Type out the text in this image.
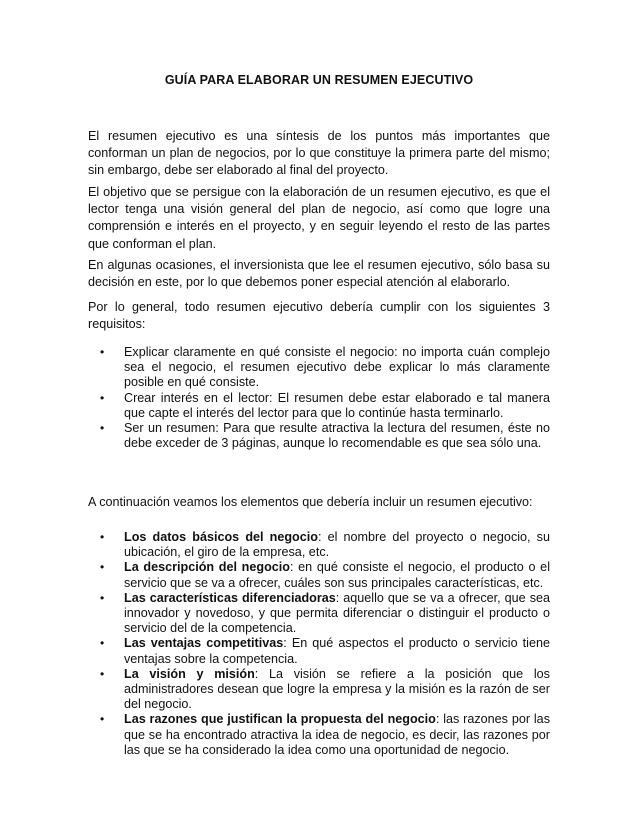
GUÍA PARA ELABORAR UN RESUMEN EJECUTIVO

El resumen ejecutivo es una síntesis de los puntos más importantes que conforman un plan de negocios, por lo que constituye la primera parte del mismo; sin embargo, debe ser elaborado al final del proyecto.

El objetivo que se persigue con la elaboración de un resumen ejecutivo, es que el lector tenga una visión general del plan de negocio, así como que logre una comprensión e interés en el proyecto, y en seguir leyendo el resto de las partes que conforman el plan.

En algunas ocasiones, el inversionista que lee el resumen ejecutivo, sólo basa su decisión en este, por lo que debemos poner especial atención al elaborarlo.

Por lo general, todo resumen ejecutivo debería cumplir con los siguientes 3 requisitos:

• Explicar claramente en qué consiste el negocio: no importa cuán complejo sea el negocio, el resumen ejecutivo debe explicar lo más claramente posible en qué consiste.
• Crear interés en el lector: El resumen debe estar elaborado e tal manera que capte el interés del lector para que lo continúe hasta terminarlo.
• Ser un resumen: Para que resulte atractiva la lectura del resumen, éste no debe exceder de 3 páginas, aunque lo recomendable es que sea sólo una.

A continuación veamos los elementos que debería incluir un resumen ejecutivo:

• Los datos básicos del negocio: el nombre del proyecto o negocio, su ubicación, el giro de la empresa, etc.
• La descripción del negocio: en qué consiste el negocio, el producto o el servicio que se va a ofrecer, cuáles son sus principales características, etc.
• Las características diferenciadoras: aquello que se va a ofrecer, que sea innovador y novedoso, y que permita diferenciar o distinguir el producto o servicio del de la competencia.
• Las ventajas competitivas: En qué aspectos el producto o servicio tiene ventajas sobre la competencia.
• La visión y misión: La visión se refiere a la posición que los administradores desean que logre la empresa y la misión es la razón de ser del negocio.
• Las razones que justifican la propuesta del negocio: las razones por las que se ha encontrado atractiva la idea de negocio, es decir, las razones por las que se ha considerado la idea como una oportunidad de negocio.
